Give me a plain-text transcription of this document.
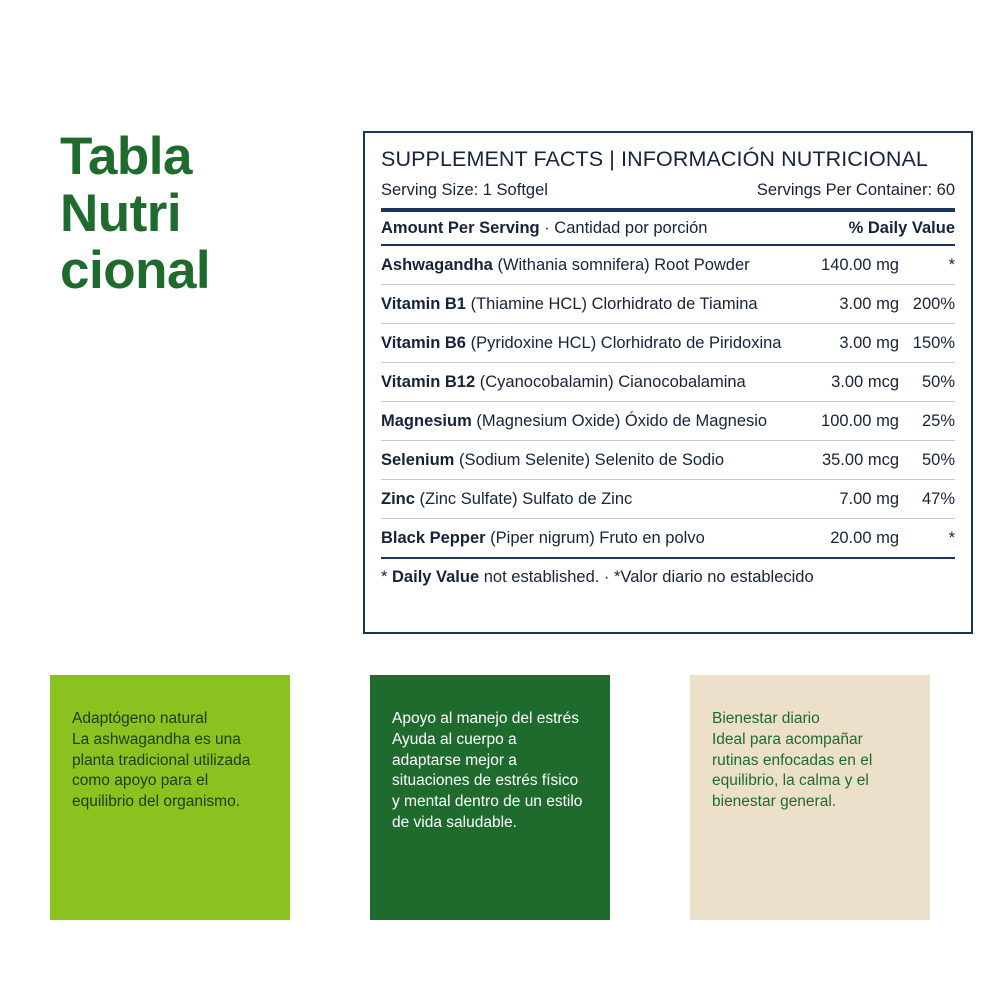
Tabla
Nutri
cional
SUPPLEMENT FACTS | INFORMACIÓN NUTRICIONAL
Serving Size: 1 Softgel	Servings Per Container: 60
Amount Per Serving · Cantidad por porción	% Daily Value
Ashwagandha (Withania somnifera) Root Powder	140.00 mg	*
Vitamin B1 (Thiamine HCL) Clorhidrato de Tiamina	3.00 mg	200%
Vitamin B6 (Pyridoxine HCL) Clorhidrato de Piridoxina	3.00 mg	150%
Vitamin B12 (Cyanocobalamin) Cianocobalamina	3.00 mcg	50%
Magnesium (Magnesium Oxide) Óxido de Magnesio	100.00 mg	25%
Selenium (Sodium Selenite) Selenito de Sodio	35.00 mcg	50%
Zinc (Zinc Sulfate) Sulfato de Zinc	7.00 mg	47%
Black Pepper (Piper nigrum) Fruto en polvo	20.00 mg	*
* Daily Value not established. · *Valor diario no establecido
Adaptógeno natural
La ashwagandha es una planta tradicional utilizada como apoyo para el equilibrio del organismo.
Apoyo al manejo del estrés
Ayuda al cuerpo a adaptarse mejor a situaciones de estrés físico y mental dentro de un estilo de vida saludable.
Bienestar diario
Ideal para acompañar rutinas enfocadas en el equilibrio, la calma y el bienestar general.
